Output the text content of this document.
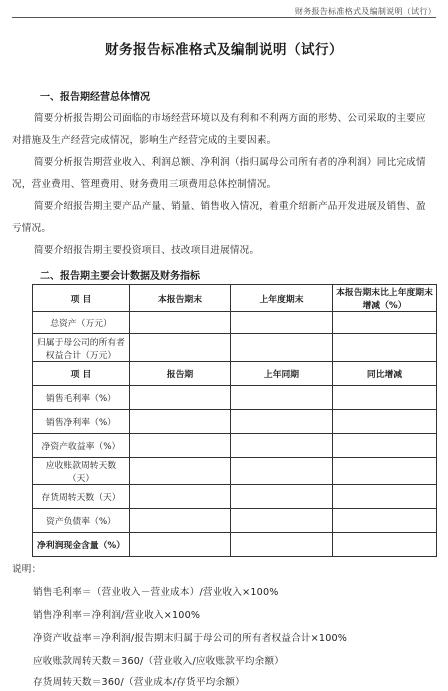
财务报告标准格式及编制说明（试行）
财务报告标准格式及编制说明（试行）
一、报告期经营总体情况
简要分析报告期公司面临的市场经营环境以及有利和不利两方面的形势、公司采取的主要应对措施及生产经营完成情况，影响生产经营完成的主要因素。
简要分析报告期营业收入、利润总额、净利润（指归属母公司所有者的净利润）同比完成情况，营业费用、管理费用、财务费用三项费用总体控制情况。
简要介绍报告期主要产品产量、销量、销售收入情况，着重介绍新产品开发进展及销售、盈亏情况。
简要介绍报告期主要投资项目、技改项目进展情况。
二、报告期主要会计数据及财务指标
项 目	本报告期末	上年度期末	本报告期末比上年度期末增减（%）
总资产（万元）			
归属于母公司的所有者权益合计（万元）			
项 目	报告期	上年同期	同比增减
销售毛利率（%）			
销售净利率（%）			
净资产收益率（%）			
应收账款周转天数（天）			
存货周转天数（天）			
资产负债率（%）			
净利润现金含量（%）			
说明：
销售毛利率＝（营业收入－营业成本）/营业收入×100%
销售净利率＝净利润/营业收入×100%
净资产收益率＝净利润/报告期末归属于母公司的所有者权益合计×100%
应收账款周转天数＝360/（营业收入/应收账款平均余额）
存货周转天数＝360/（营业成本/存货平均余额）
